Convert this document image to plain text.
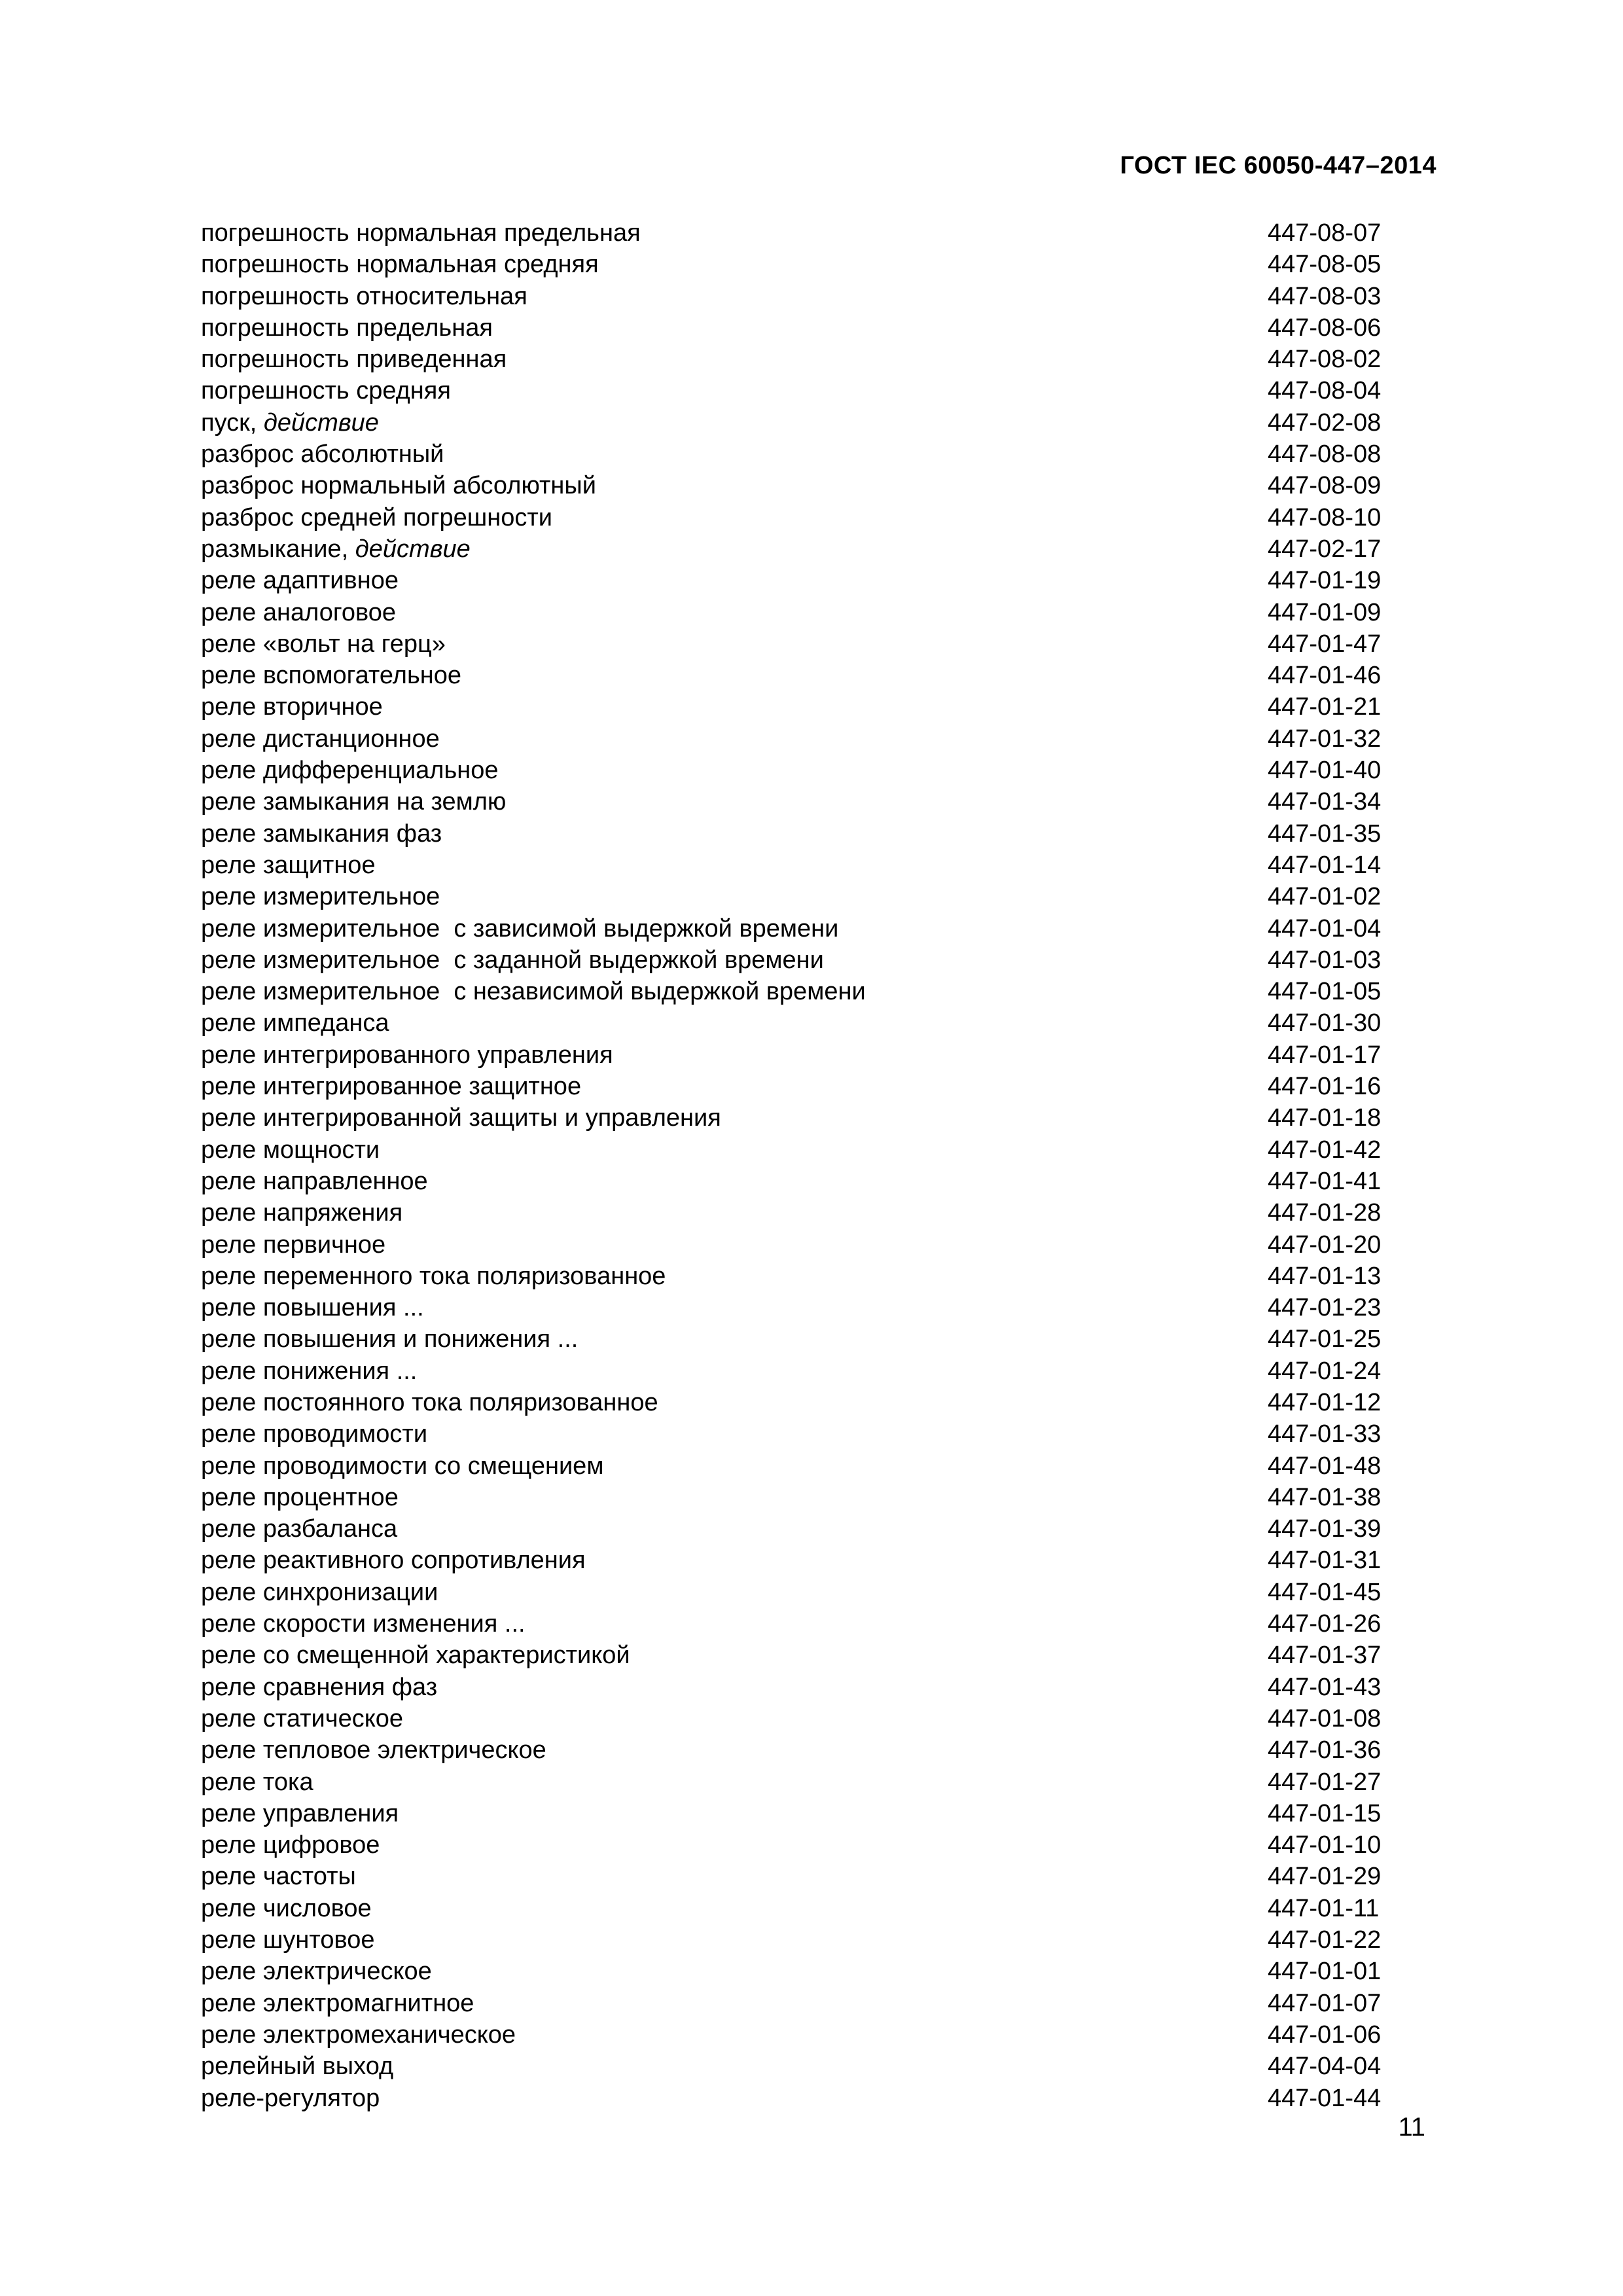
ГОСТ IEC 60050-447–2014
погрешность нормальная предельная	447-08-07
погрешность нормальная средняя	447-08-05
погрешность относительная	447-08-03
погрешность предельная	447-08-06
погрешность приведенная	447-08-02
погрешность средняя	447-08-04
пуск, действие	447-02-08
разброс абсолютный	447-08-08
разброс нормальный абсолютный	447-08-09
разброс средней погрешности	447-08-10
размыкание, действие	447-02-17
реле адаптивное	447-01-19
реле аналоговое	447-01-09
реле «вольт на герц»	447-01-47
реле вспомогательное	447-01-46
реле вторичное	447-01-21
реле дистанционное	447-01-32
реле дифференциальное	447-01-40
реле замыкания на землю	447-01-34
реле замыкания фаз	447-01-35
реле защитное	447-01-14
реле измерительное	447-01-02
реле измерительное  с зависимой выдержкой времени	447-01-04
реле измерительное  с заданной выдержкой времени	447-01-03
реле измерительное  с независимой выдержкой времени	447-01-05
реле импеданса	447-01-30
реле интегрированного управления	447-01-17
реле интегрированное защитное	447-01-16
реле интегрированной защиты и управления	447-01-18
реле мощности	447-01-42
реле направленное	447-01-41
реле напряжения	447-01-28
реле первичное	447-01-20
реле переменного тока поляризованное	447-01-13
реле повышения ...	447-01-23
реле повышения и понижения ...	447-01-25
реле понижения ...	447-01-24
реле постоянного тока поляризованное	447-01-12
реле проводимости	447-01-33
реле проводимости со смещением	447-01-48
реле процентное	447-01-38
реле разбаланса	447-01-39
реле реактивного сопротивления	447-01-31
реле синхронизации	447-01-45
реле скорости изменения ...	447-01-26
реле со смещенной характеристикой	447-01-37
реле сравнения фаз	447-01-43
реле статическое	447-01-08
реле тепловое электрическое	447-01-36
реле тока	447-01-27
реле управления	447-01-15
реле цифровое	447-01-10
реле частоты	447-01-29
реле числовое	447-01-11
реле шунтовое	447-01-22
реле электрическое	447-01-01
реле электромагнитное	447-01-07
реле электромеханическое	447-01-06
релейный выход	447-04-04
реле-регулятор	447-01-44
11
